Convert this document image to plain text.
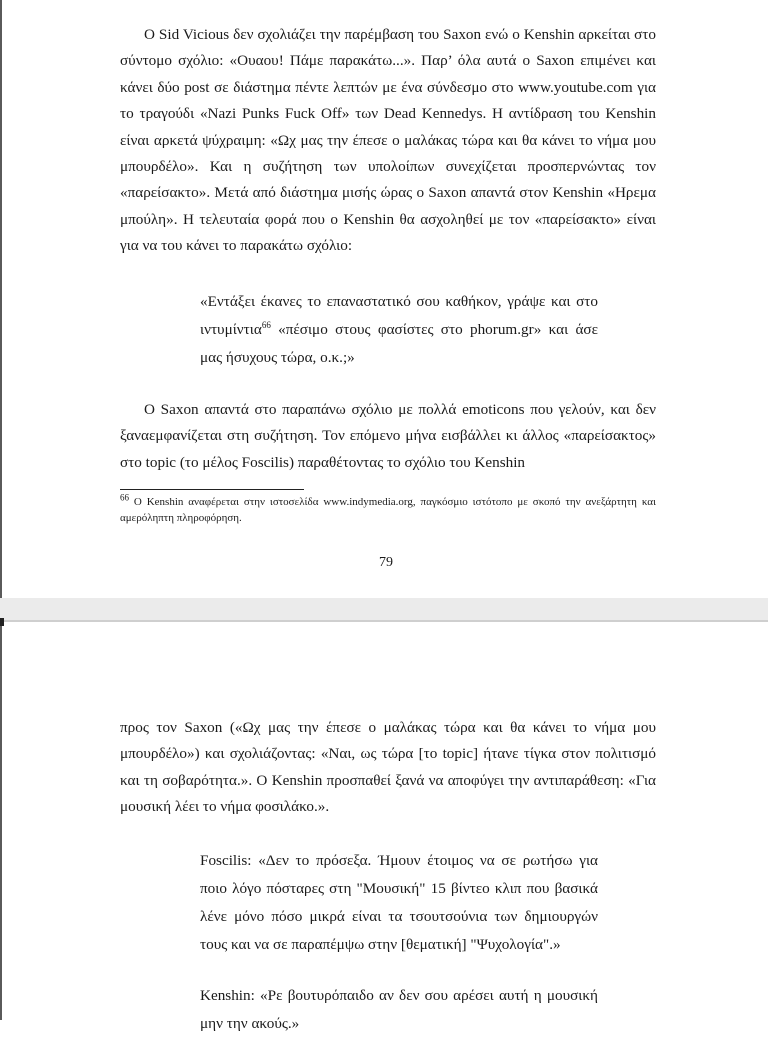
Ο Sid Vicious δεν σχολιάζει την παρέμβαση του Saxon ενώ ο Kenshin αρκείται στο σύντομο σχόλιο: «Ουαου! Πάμε παρακάτω...». Παρ’ όλα αυτά ο Saxon επιμένει και κάνει δύο post σε διάστημα πέντε λεπτών με ένα σύνδεσμο στο www.youtube.com για το τραγούδι «Nazi Punks Fuck Off» των Dead Kennedys. Η αντίδραση του Kenshin είναι αρκετά ψύχραιμη: «Ωχ μας την έπεσε ο μαλάκας τώρα και θα κάνει το νήμα μου μπουρδέλο». Και η συζήτηση των υπολοίπων συνεχίζεται προσπερνώντας τον «παρείσακτο». Μετά από διάστημα μισής ώρας ο Saxon απαντά στον Kenshin «Ηρεμα μπούλη». Η τελευταία φορά που ο Kenshin θα ασχοληθεί με τον «παρείσακτο» είναι για να του κάνει το παρακάτω σχόλιο:

«Εντάξει έκανες το επαναστατικό σου καθήκον, γράψε και στο ιντυμίντια$^{66}$ «πέσιμο στους φασίστες στο phorum.gr» και άσε μας ήσυχους τώρα, ο.κ.;»

Ο Saxon απαντά στο παραπάνω σχόλιο με πολλά emoticons που γελούν, και δεν ξαναεμφανίζεται στη συζήτηση. Τον επόμενο μήνα εισβάλλει κι άλλος «παρείσακτος» στο topic (το μέλος Foscilis) παραθέτοντας το σχόλιο του Kenshin

$^{66}$ Ο Kenshin αναφέρεται στην ιστοσελίδα www.indymedia.org, παγκόσμιο ιστότοπο με σκοπό την ανεξάρτητη και αμερόληπτη πληροφόρηση.

79

προς τον Saxon («Ωχ μας την έπεσε ο μαλάκας τώρα και θα κάνει το νήμα μου μπουρδέλο») και σχολιάζοντας: «Ναι, ως τώρα [το topic] ήτανε τίγκα στον πολιτισμό και τη σοβαρότητα.». Ο Kenshin προσπαθεί ξανά να αποφύγει την αντιπαράθεση: «Για μουσική λέει το νήμα φοσιλάκο.».

Foscilis: «Δεν το πρόσεξα. Ήμουν έτοιμος να σε ρωτήσω για ποιο λόγο πόσταρες στη "Μουσική" 15 βίντεο κλιπ που βασικά λένε μόνο πόσο μικρά είναι τα τσουτσούνια των δημιουργών τους και να σε παραπέμψω στην [θεματική] "Ψυχολογία".»

Kenshin: «Ρε βουτυρόπαιδο αν δεν σου αρέσει αυτή η μουσική μην την ακούς.»
